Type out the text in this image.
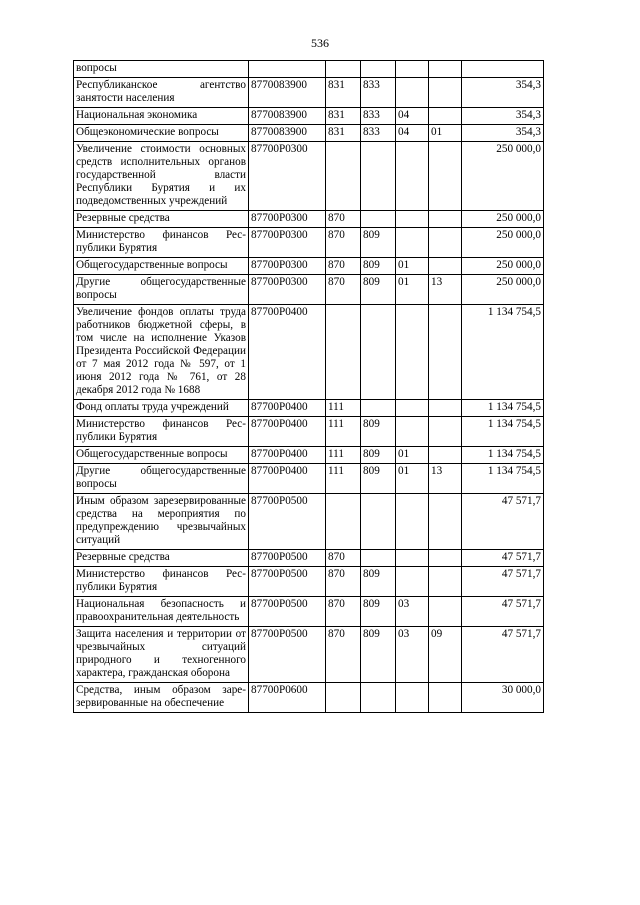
536
вопросы						
Республиканское агентство занятости населения	8770083900	831	833			354,3
Национальная экономика	8770083900	831	833	04		354,3
Общеэкономические вопросы	8770083900	831	833	04	01	354,3
Увеличение стоимости основных средств исполнительных органов государственной власти Республики Бурятия и их подведомственных учреждений	87700P0300					250 000,0
Резервные средства	87700P0300	870				250 000,0
Министерство финансов Республики Бурятия	87700P0300	870	809			250 000,0
Общегосударственные вопросы	87700P0300	870	809	01		250 000,0
Другие общегосударственные вопросы	87700P0300	870	809	01	13	250 000,0
Увеличение фондов оплаты труда работников бюджетной сферы, в том числе на исполнение Указов Президента Российской Федерации от 7 мая 2012 года № 597, от 1 июня 2012 года № 761, от 28 декабря 2012 года № 1688	87700P0400					1 134 754,5
Фонд оплаты труда учреждений	87700P0400	111				1 134 754,5
Министерство финансов Республики Бурятия	87700P0400	111	809			1 134 754,5
Общегосударственные вопросы	87700P0400	111	809	01		1 134 754,5
Другие общегосударственные вопросы	87700P0400	111	809	01	13	1 134 754,5
Иным образом зарезервированные средства на мероприятия по предупреждению чрезвычайных ситуаций	87700P0500					47 571,7
Резервные средства	87700P0500	870				47 571,7
Министерство финансов Республики Бурятия	87700P0500	870	809			47 571,7
Национальная безопасность и правоохранительная деятельность	87700P0500	870	809	03		47 571,7
Защита населения и территории от чрезвычайных ситуаций природного и техногенного характера, гражданская оборона	87700P0500	870	809	03	09	47 571,7
Средства, иным образом зарезервированные на обеспечение	87700P0600					30 000,0
